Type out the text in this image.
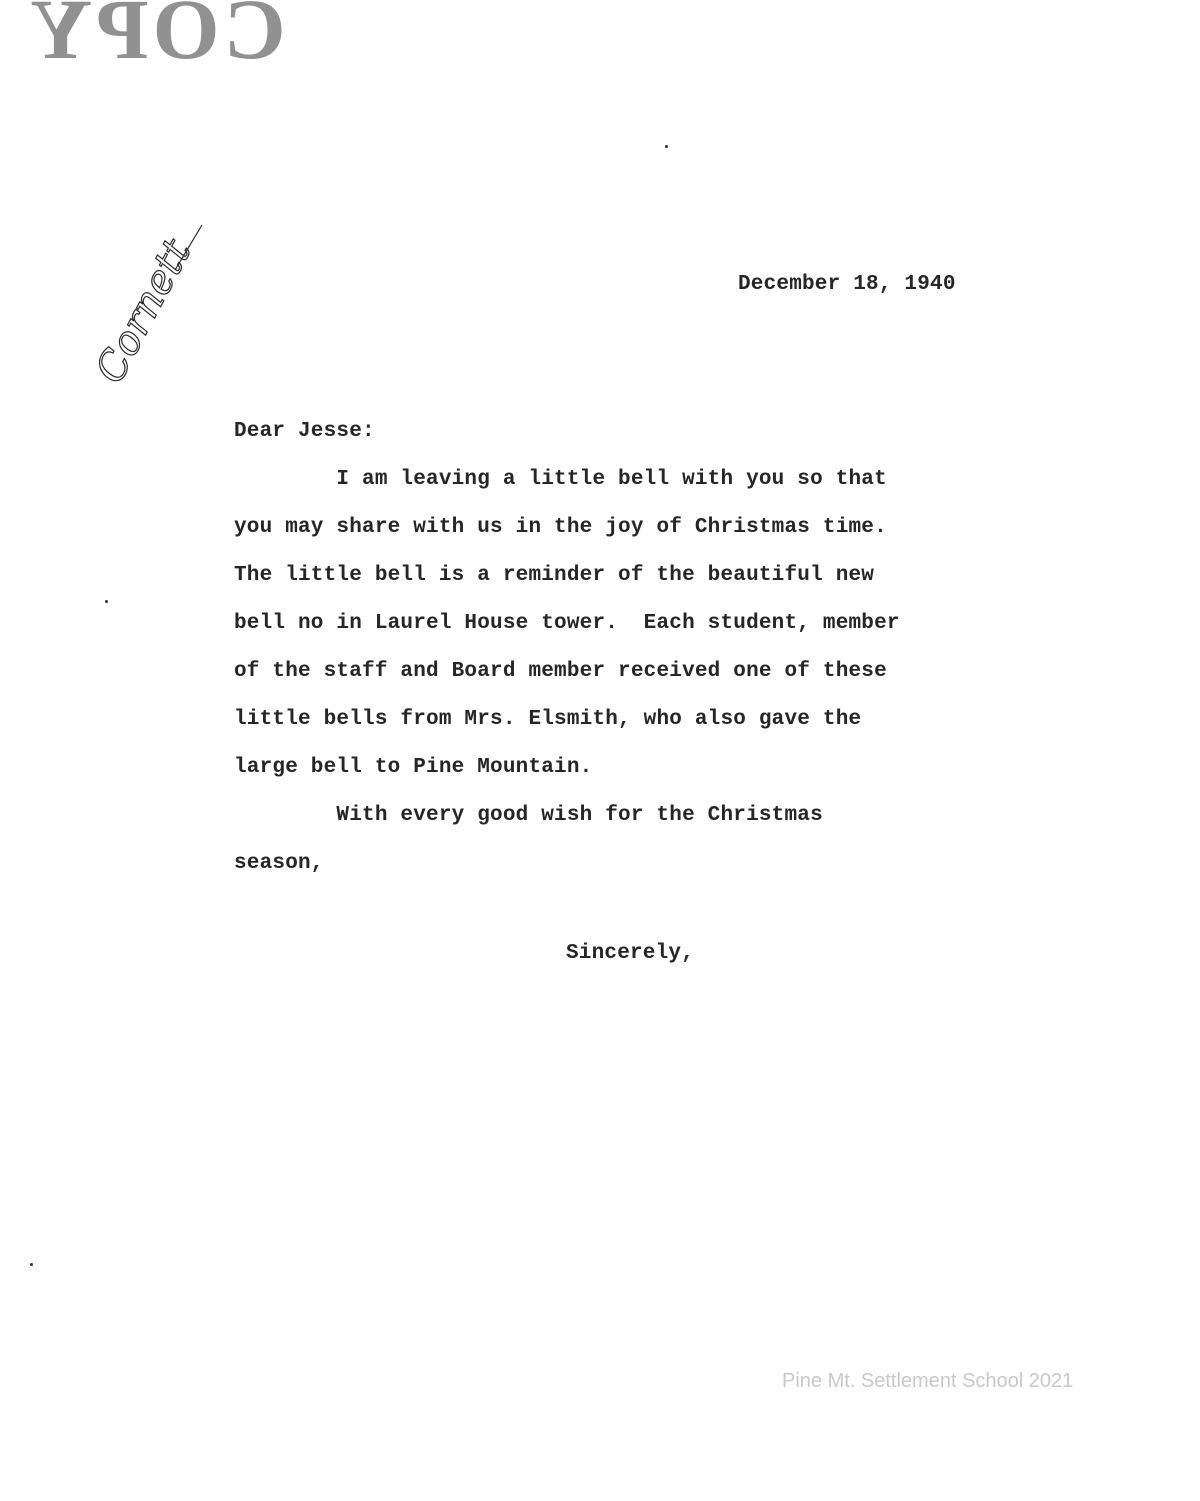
COPY
Cornett	December 18, 1940
Dear Jesse:
I am leaving a little bell with you so that
you may share with us in the joy of Christmas time.
The little bell is a reminder of the beautiful new
bell no in Laurel House tower.  Each student, member
of the staff and Board member received one of these
little bells from Mrs. Elsmith, who also gave the
large bell to Pine Mountain.
With every good wish for the Christmas
season,
Sincerely,
Pine Mt. Settlement School 2021
